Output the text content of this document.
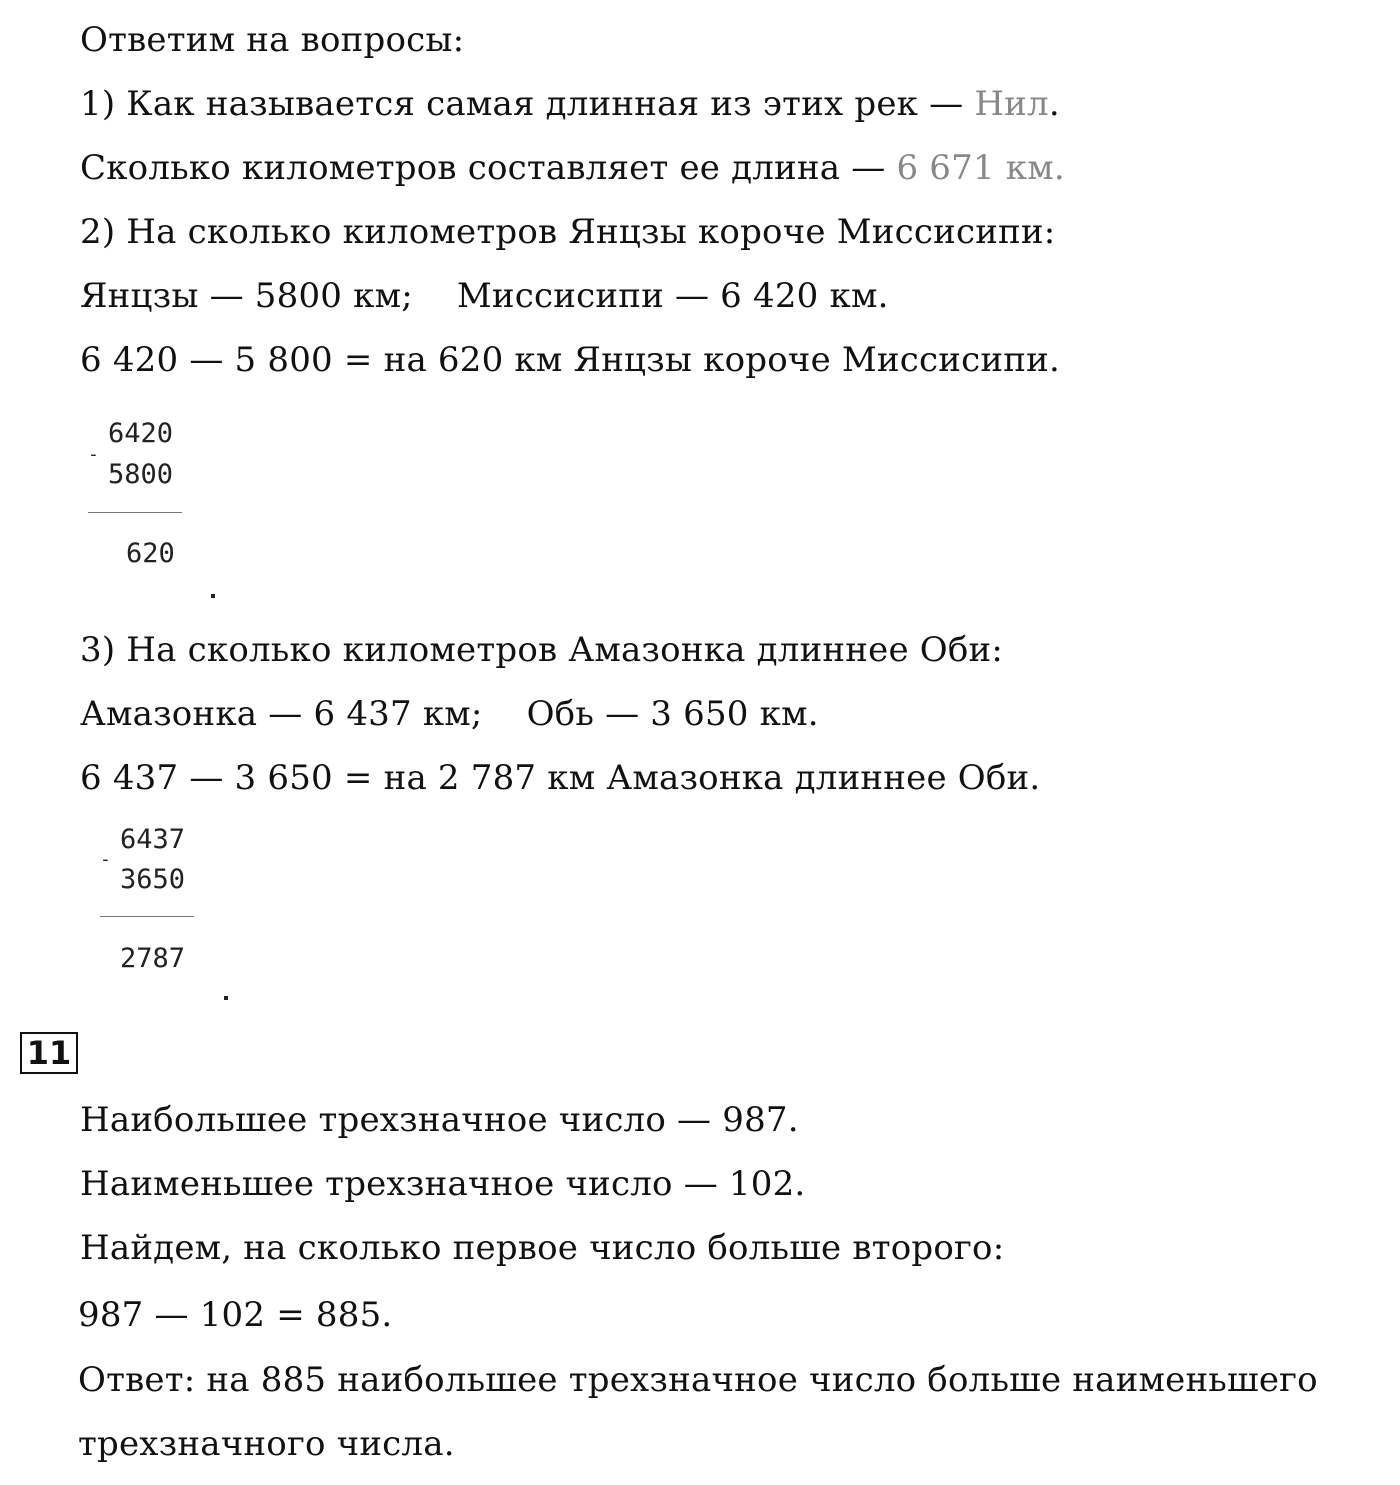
Ответим на вопросы:
1) Как называется самая длинная из этих рек — Нил.
Сколько километров составляет ее длина — 6 671 км.
2) На сколько километров Янцзы короче Миссисипи:
Янцзы — 5800 км;    Миссисипи — 6 420 км.
6 420 — 5 800 = на 620 км Янцзы короче Миссисипи.
6420
-
5800
620
3) На сколько километров Амазонка длиннее Оби:
Амазонка — 6 437 км;    Обь — 3 650 км.
6 437 — 3 650 = на 2 787 км Амазонка длиннее Оби.
6437
-
3650
2787
11
Наибольшее трехзначное число — 987.
Наименьшее трехзначное число — 102.
Найдем, на сколько первое число больше второго:
987 — 102 = 885.
Ответ: на 885 наибольшее трехзначное число больше наименьшего
трехзначного числа.
